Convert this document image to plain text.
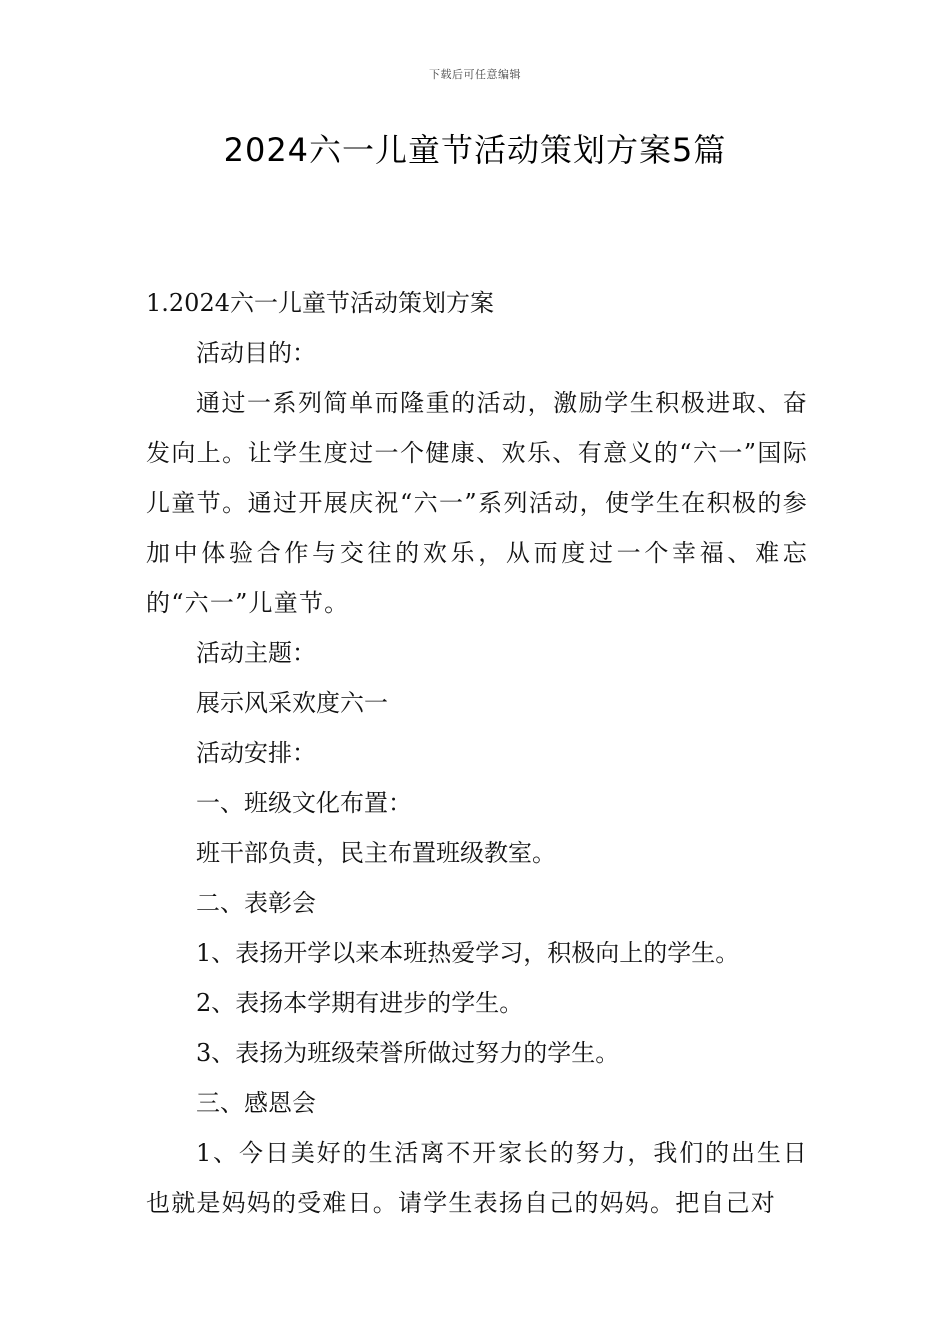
下载后可任意编辑
2024六一儿童节活动策划方案5篇
1.2024六一儿童节活动策划方案

活动目的：

通过一系列简单而隆重的活动，激励学生积极进取、奋发向上。让学生度过一个健康、欢乐、有意义的“六一”国际儿童节。通过开展庆祝“六一”系列活动，使学生在积极的参加中体验合作与交往的欢乐，从而度过一个幸福、难忘的“六一”儿童节。

活动主题：

展示风采欢度六一

活动安排：

一、班级文化布置：

班干部负责，民主布置班级教室。

二、表彰会

1、表扬开学以来本班热爱学习，积极向上的学生。

2、表扬本学期有进步的学生。

3、表扬为班级荣誉所做过努力的学生。

三、感恩会

1、今日美好的生活离不开家长的努力，我们的出生日也就是妈妈的受难日。请学生表扬自己的妈妈。把自己对
